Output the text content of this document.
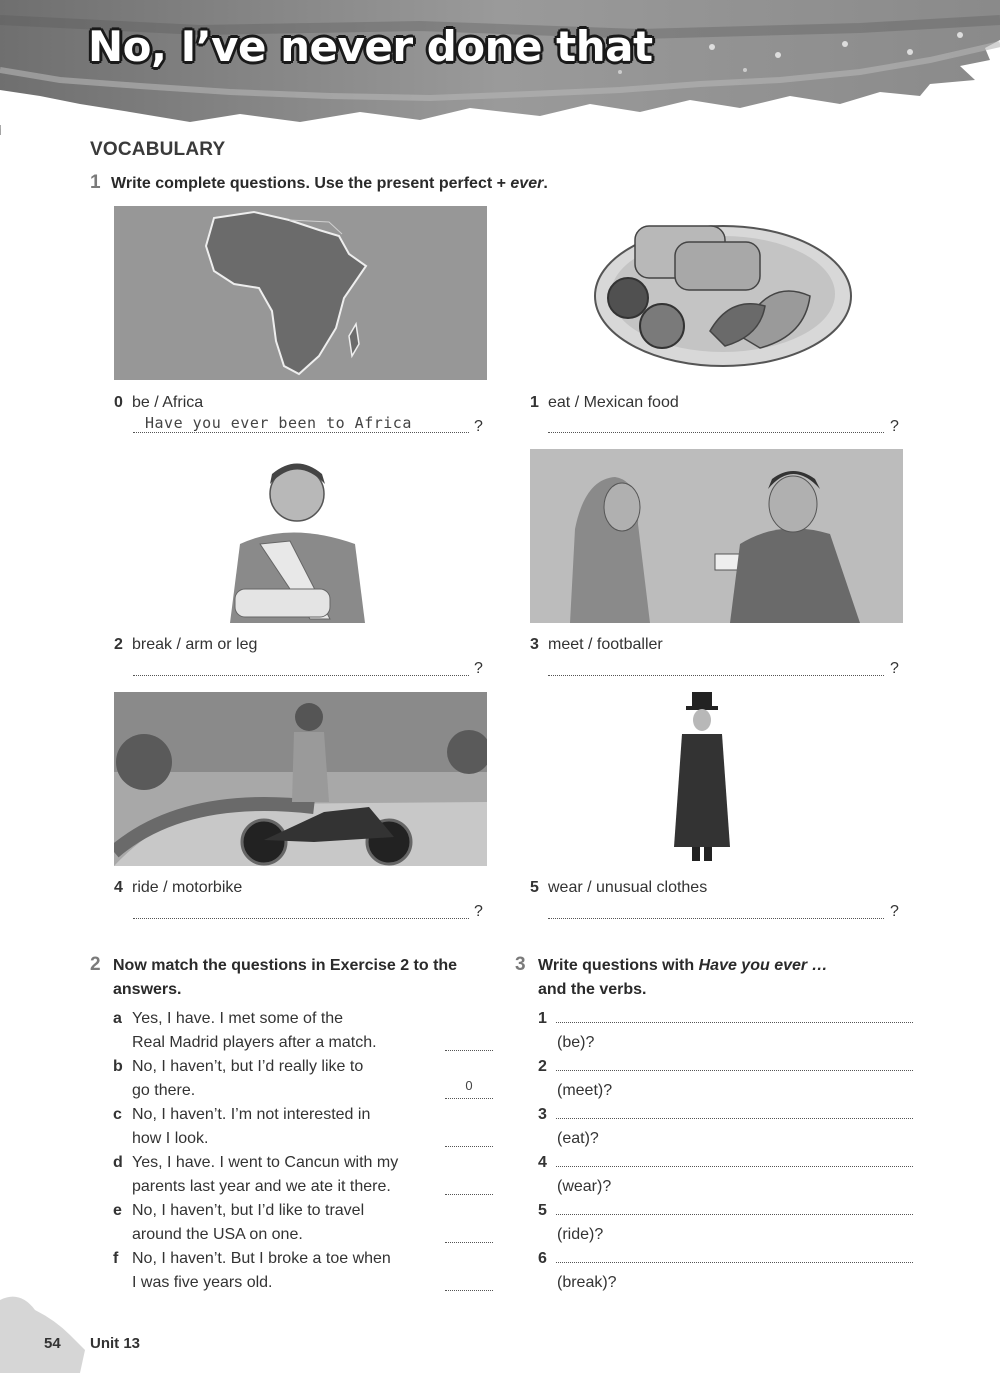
No, I’ve never done that
VOCABULARY
1 Write complete questions. Use the present perfect + ever.
0 be / Africa
Have you ever been to Africa	?
1 eat / Mexican food
?
2 break / arm or leg
?
3 meet / footballer
?
4 ride / motorbike
?
5 wear / unusual clothes
?
2 Now match the questions in Exercise 2 to the
answers.
a Yes, I have. I met some of the
Real Madrid players after a match.
b No, I haven’t, but I’d really like to
go there.	0
c No, I haven’t. I’m not interested in
how I look.
d Yes, I have. I went to Cancun with my
parents last year and we ate it there.
e No, I haven’t, but I’d like to travel
around the USA on one.
f No, I haven’t. But I broke a toe when
I was five years old.
3 Write questions with Have you ever …
and the verbs.
1
(be)?
2
(meet)?
3
(eat)?
4
(wear)?
5
(ride)?
6
(break)?
54 Unit 13
